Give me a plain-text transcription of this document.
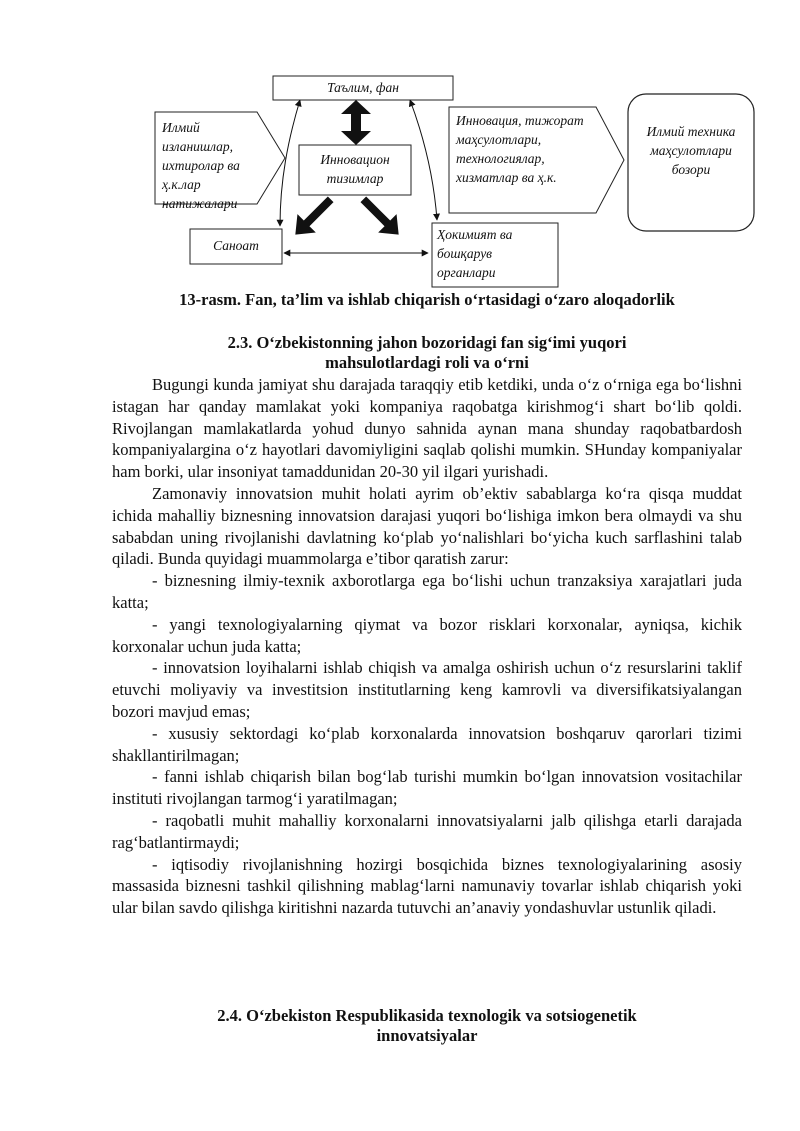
Таълим, фан
Илмий изланишлар, ихтиролар ва ҳ.к.лар натижалари
Инновацион тизимлар
Инновация, тижорат маҳсулотлари, технологиялар, хизматлар ва ҳ.к.
Илмий техника маҳсулотлари бозори
Саноат
Ҳокимият ва бошқарув органлари
13-rasm. Fan, ta’lim va ishlab chiqarish o‘rtasidagi o‘zaro aloqadorlik
2.3. O‘zbekistonning jahon bozoridagi fan sig‘imi yuqori
mahsulotlardagi roli va o‘rni

Bugungi kunda jamiyat shu darajada taraqqiy etib ketdiki, unda o‘z o‘rniga ega bo‘lishni istagan har qanday mamlakat yoki kompaniya raqobatga kirishmog‘i shart bo‘lib qoldi. Rivojlangan mamlakatlarda yohud dunyo sahnida aynan mana shunday raqobatbardosh kompaniyalargina o‘z hayotlari davomiyligini saqlab qolishi mumkin. SHunday kompaniyalar ham borki, ular insoniyat tamaddunidan 20-30 yil ilgari yurishadi.

Zamonaviy innovatsion muhit holati ayrim ob’ektiv sabablarga ko‘ra qisqa muddat ichida mahalliy biznesning innovatsion darajasi yuqori bo‘lishiga imkon bera olmaydi va shu sababdan uning rivojlanishi davlatning ko‘plab yo‘nalishlari bo‘yicha kuch sarflashini talab qiladi. Bunda quyidagi muammolarga e’tibor qaratish zarur:

- biznesning ilmiy-texnik axborotlarga ega bo‘lishi uchun tranzaksiya xarajatlari juda katta;

- yangi texnologiyalarning qiymat va bozor risklari korxonalar, ayniqsa, kichik korxonalar uchun juda katta;

- innovatsion loyihalarni ishlab chiqish va amalga oshirish uchun o‘z resurslarini taklif etuvchi moliyaviy va investitsion institutlarning keng kamrovli va diversifikatsiyalangan bozori mavjud emas;

- xususiy sektordagi ko‘plab korxonalarda innovatsion boshqaruv qarorlari tizimi shakllantirilmagan;

- fanni ishlab chiqarish bilan bog‘lab turishi mumkin bo‘lgan innovatsion vositachilar instituti rivojlangan tarmog‘i yaratilmagan;

- raqobatli muhit mahalliy korxonalarni innovatsiyalarni jalb qilishga etarli darajada rag‘batlantirmaydi;

- iqtisodiy rivojlanishning hozirgi bosqichida biznes texnologiyalarining asosiy massasida biznesni tashkil qilishning mablag‘larni namunaviy tovarlar ishlab chiqarish yoki ular bilan savdo qilishga kiritishni nazarda tutuvchi an’anaviy yondashuvlar ustunlik qiladi.

2.4. O‘zbekiston Respublikasida texnologik va sotsiogenetik
innovatsiyalar
